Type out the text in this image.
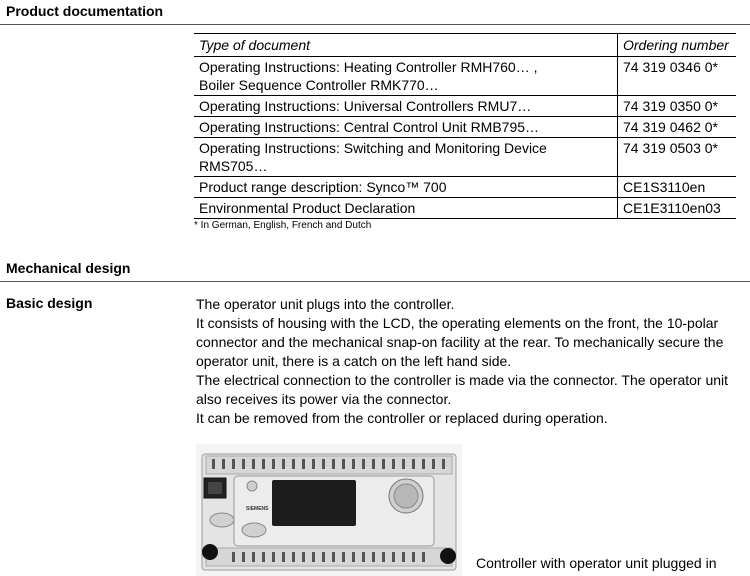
Product documentation
Type of document	Ordering number
Operating Instructions: Heating Controller RMH760… ,
Boiler Sequence Controller RMK770…	74 319 0346 0*
Operating Instructions: Universal Controllers RMU7…	74 319 0350 0*
Operating Instructions: Central Control Unit RMB795…	74 319 0462 0*
Operating Instructions: Switching and Monitoring Device
RMS705…	74 319 0503 0*
Product range description: Synco™ 700	CE1S3110en
Environmental Product Declaration	CE1E3110en03
* In German, English, French and Dutch
Mechanical design
Basic design	The operator unit plugs into the controller.

It consists of housing with the LCD, the operating elements on the front, the 10-polar connector and the mechanical snap-on facility at the rear. To mechanically secure the operator unit, there is a catch on the left hand side.

The electrical connection to the controller is made via the connector. The operator unit also receives its power via the connector.

It can be removed from the controller or replaced during operation.

SIEMENS
Controller with operator unit plugged in
